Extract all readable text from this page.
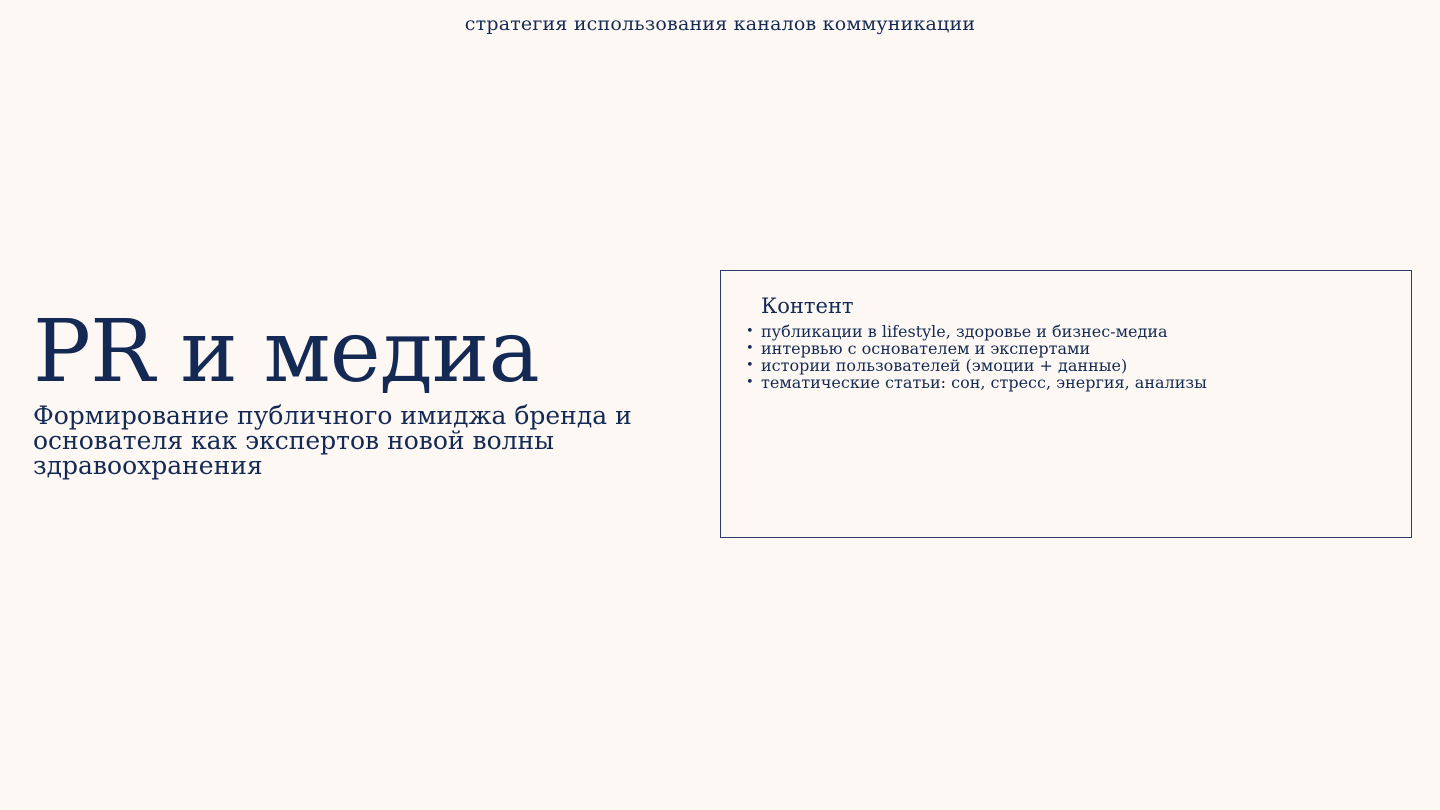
стратегия использования каналов коммуникации
PR и медиа
Формирование публичного имиджа бренда и основателя как экспертов новой волны здравоохранения
Контент
• публикации в lifestyle, здоровье и бизнес-медиа
• интервью с основателем и экспертами
• истории пользователей (эмоции + данные)
• тематические статьи: сон, стресс, энергия, анализы
